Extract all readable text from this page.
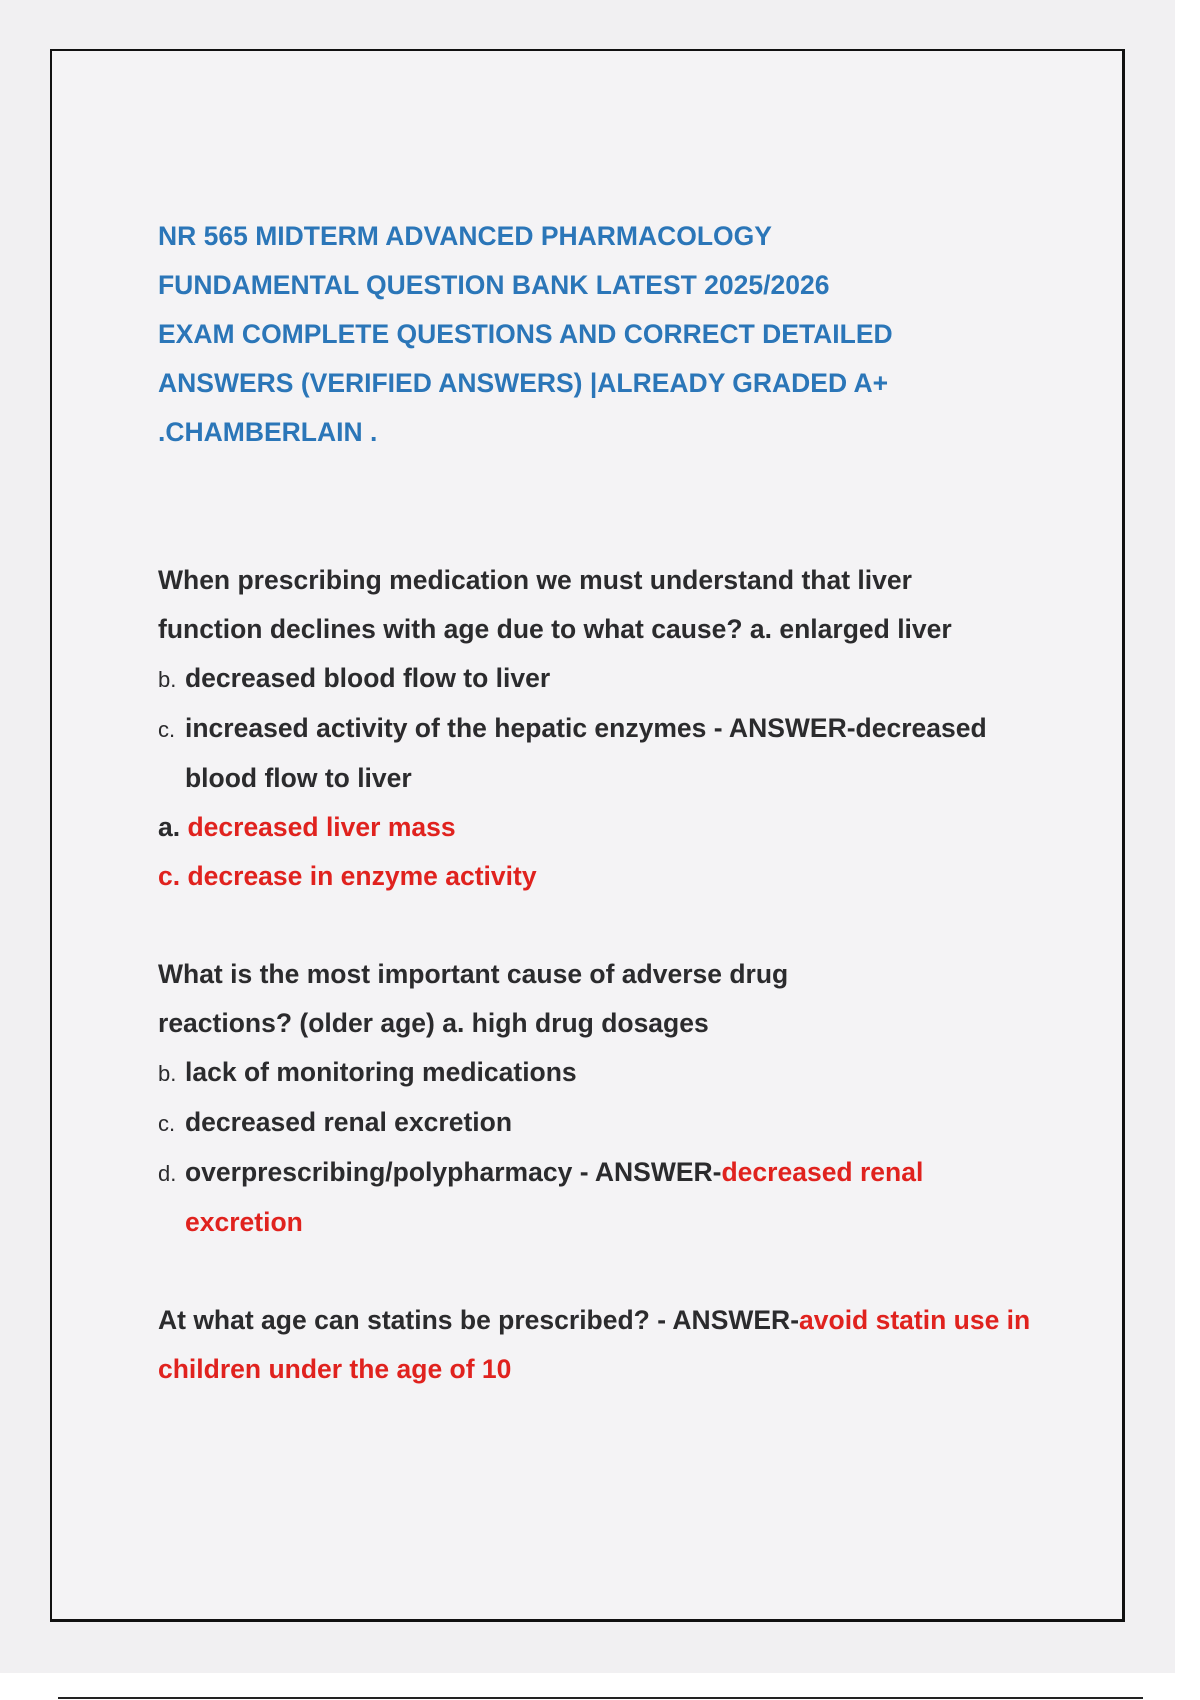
NR 565 MIDTERM ADVANCED PHARMACOLOGY
FUNDAMENTAL QUESTION BANK LATEST 2025/2026
EXAM COMPLETE QUESTIONS AND CORRECT DETAILED
ANSWERS (VERIFIED ANSWERS) |ALREADY GRADED A+
.CHAMBERLAIN .
When prescribing medication we must understand that liver
function declines with age due to what cause? a. enlarged liver
b. decreased blood flow to liver
c. increased activity of the hepatic enzymes - ANSWER-decreased blood flow to liver
a. decreased liver mass
c. decrease in enzyme activity
What is the most important cause of adverse drug
reactions? (older age) a. high drug dosages
b. lack of monitoring medications
c. decreased renal excretion
d. overprescribing/polypharmacy - ANSWER-decreased renal excretion
At what age can statins be prescribed? - ANSWER-avoid statin use in children under the age of 10
